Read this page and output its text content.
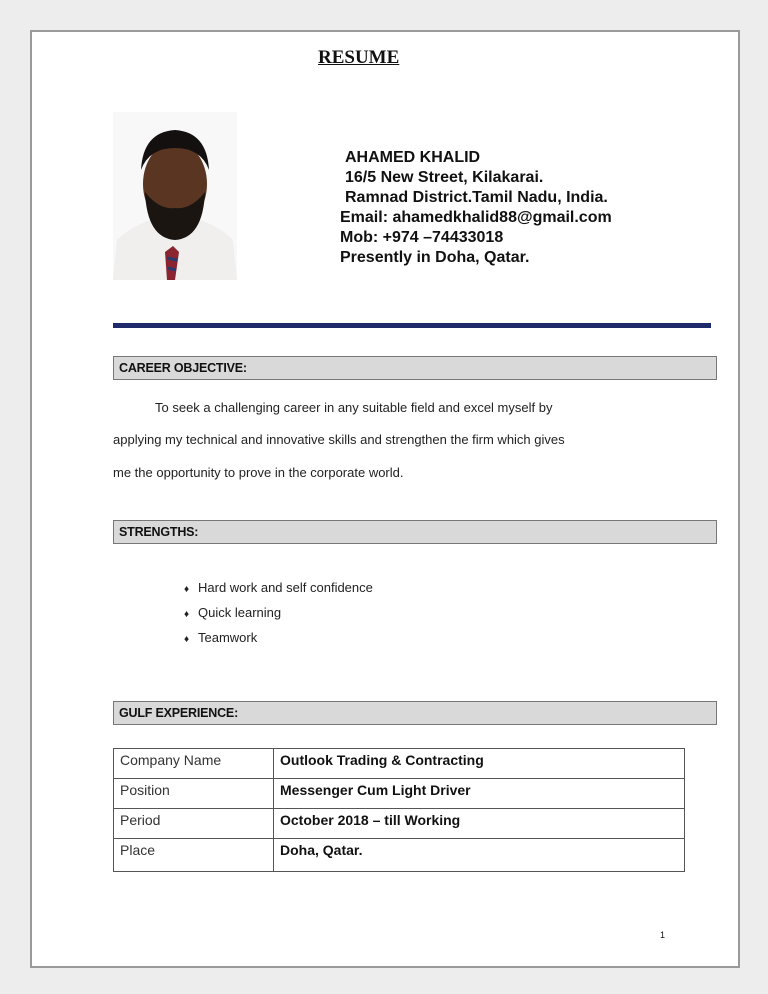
RESUME
AHAMED KHALID
16/5 New Street, Kilakarai.
Ramnad District.Tamil Nadu, India.
Email: ahamedkhalid88@gmail.com
Mob: +974 –74433018
Presently in Doha, Qatar.
CAREER OBJECTIVE:
To seek a challenging career in any suitable field and excel myself by
applying my technical and innovative skills and strengthen the firm which gives
me the opportunity to prove in the corporate world.
STRENGTHS:
♦ Hard work and self confidence
♦ Quick learning
♦ Teamwork
GULF EXPERIENCE:
Company Name	Outlook Trading & Contracting
Position	Messenger Cum Light Driver
Period	October 2018 – till Working
Place	Doha, Qatar.
1
